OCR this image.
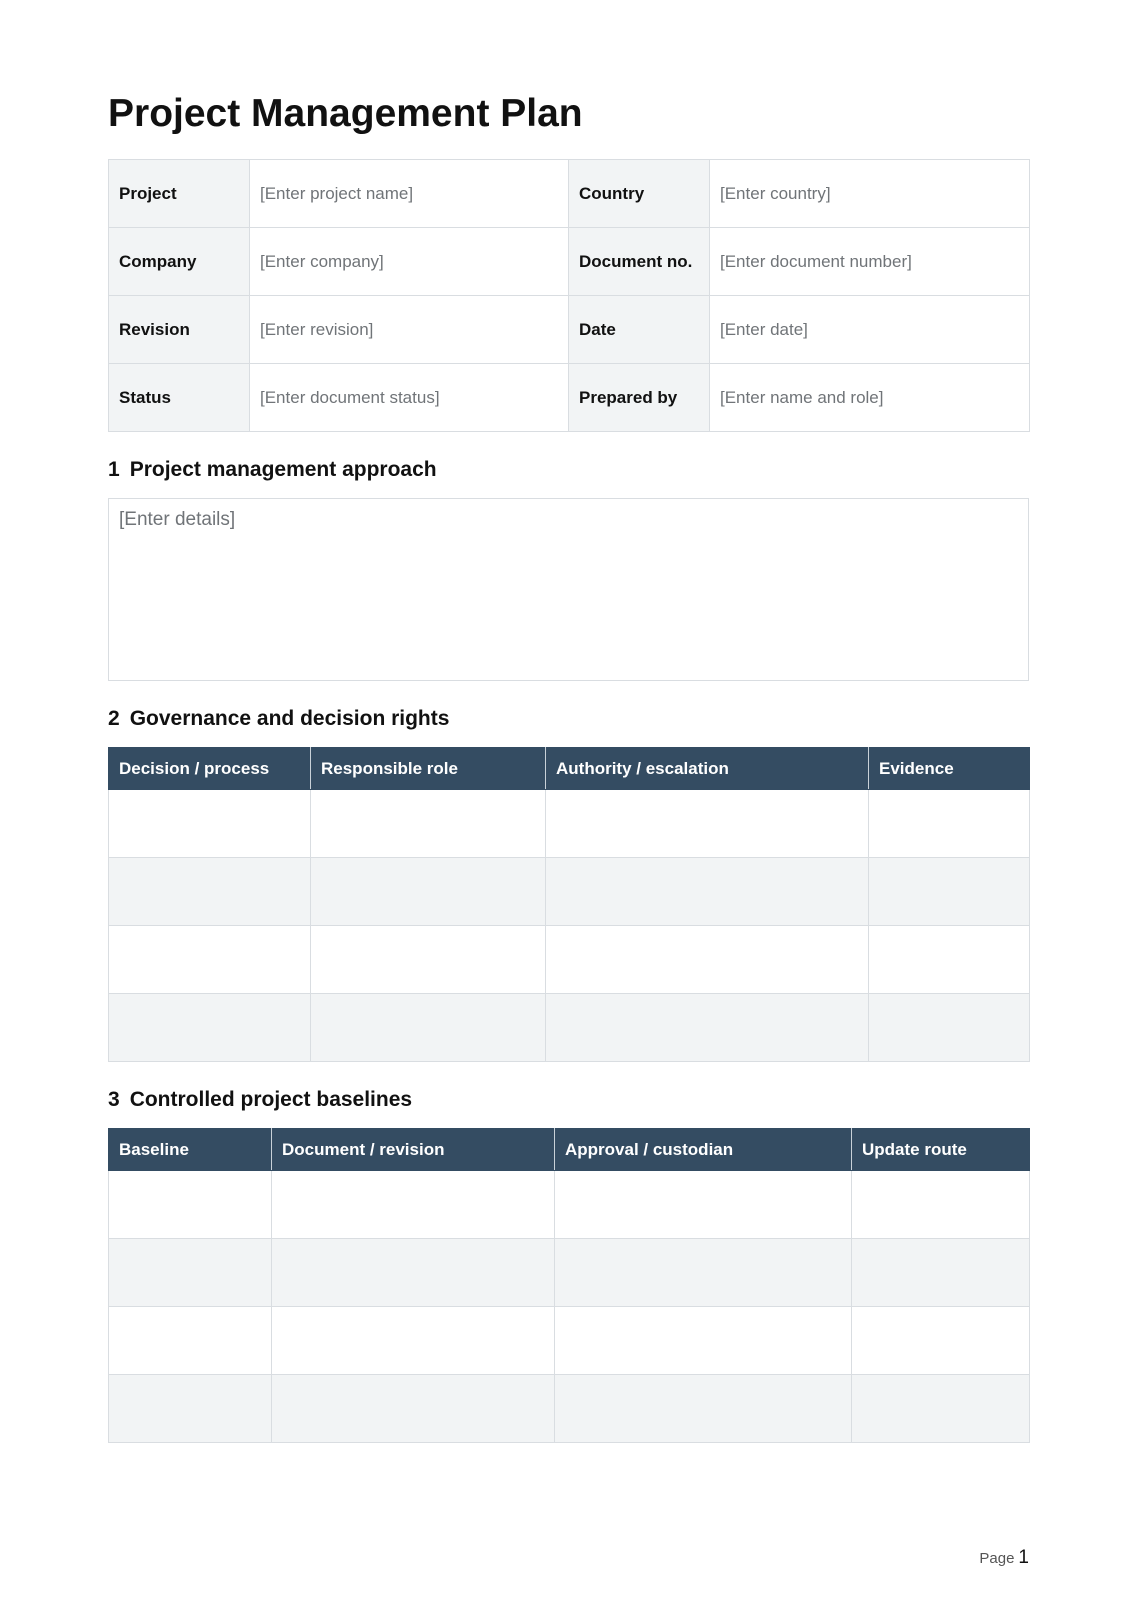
Project Management Plan
Project	[Enter project name]	Country	[Enter country]
Company	[Enter company]	Document no.	[Enter document number]
Revision	[Enter revision]	Date	[Enter date]
Status	[Enter document status]	Prepared by	[Enter name and role]
1 Project management approach
[Enter details]
2 Governance and decision rights
Decision / process	Responsible role	Authority / escalation	Evidence

3 Controlled project baselines
Baseline	Document / revision	Approval / custodian	Update route

Page 1
